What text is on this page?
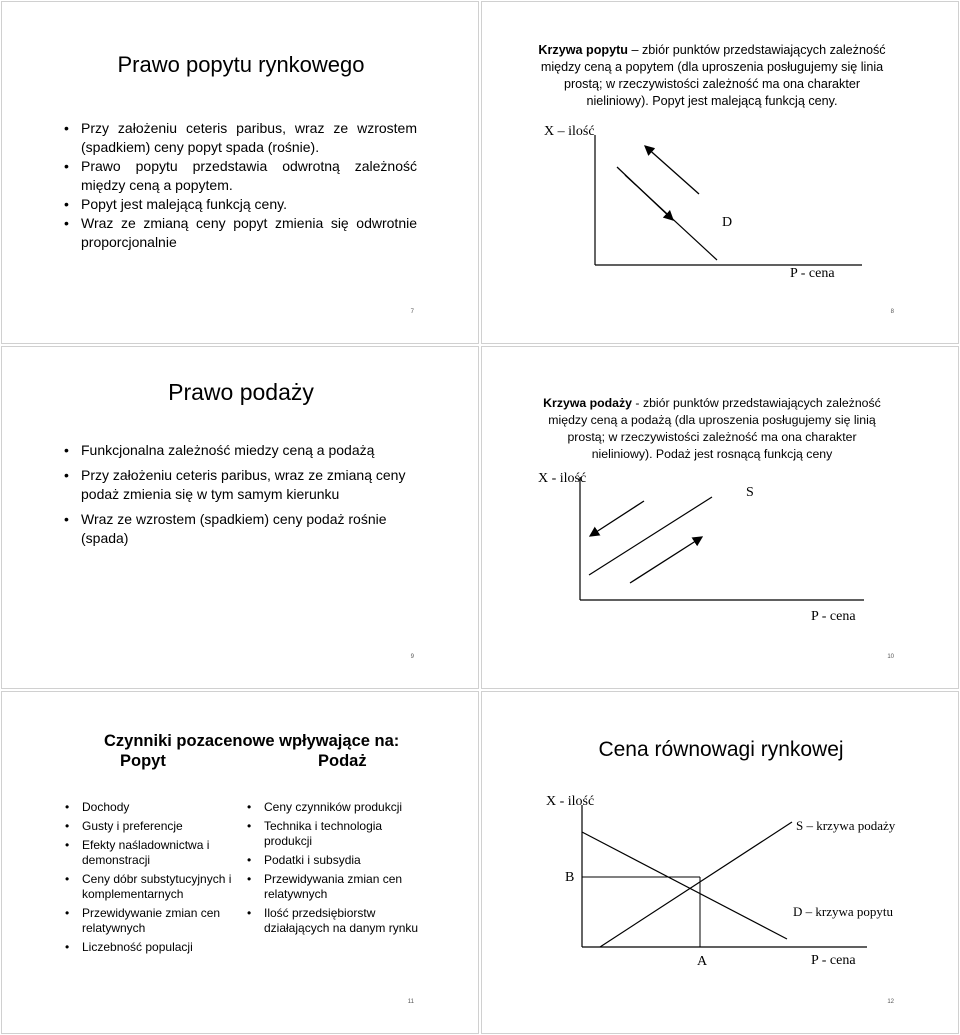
Prawo popytu rynkowego
• Przy założeniu ceteris paribus, wraz ze wzrostem (spadkiem) ceny popyt spada (rośnie).
• Prawo popytu przedstawia odwrotną zależność między ceną a popytem.
• Popyt jest malejącą funkcją ceny.
• Wraz ze zmianą ceny popyt zmienia się odwrotnie proporcjonalnie
7
Krzywa popytu – zbiór punktów przedstawiających zależność między ceną a popytem (dla uproszenia posługujemy się linia prostą; w rzeczywistości zależność ma ona charakter nieliniowy). Popyt jest malejącą funkcją ceny.
X – ilość
D
P - cena
8
Prawo podaży
• Funkcjonalna zależność miedzy ceną a podażą
• Przy założeniu ceteris paribus, wraz ze zmianą ceny podaż zmienia się w tym samym kierunku
• Wraz ze wzrostem (spadkiem) ceny podaż rośnie (spada)
9
Krzywa podaży - zbiór punktów przedstawiających zależność między ceną a podażą (dla uproszenia posługujemy się linią prostą; w rzeczywistości zależność ma ona charakter nieliniowy). Podaż jest rosnącą funkcją ceny
X - ilość
S
P - cena
10
Czynniki pozacenowe wpływające na:
Popyt	Podaż
• Dochody
• Gusty i preferencje
• Efekty naśladownictwa i demonstracji
• Ceny dóbr substytucyjnych i komplementarnych
• Przewidywanie zmian cen relatywnych
• Liczebność populacji
• Ceny czynników produkcji
• Technika i technologia produkcji
• Podatki i subsydia
• Przewidywania zmian cen relatywnych
• Ilość przedsiębiorstw działających na danym rynku
11
Cena równowagi rynkowej
X - ilość
S – krzywa podaży
B
D – krzywa popytu
A	P - cena
12
